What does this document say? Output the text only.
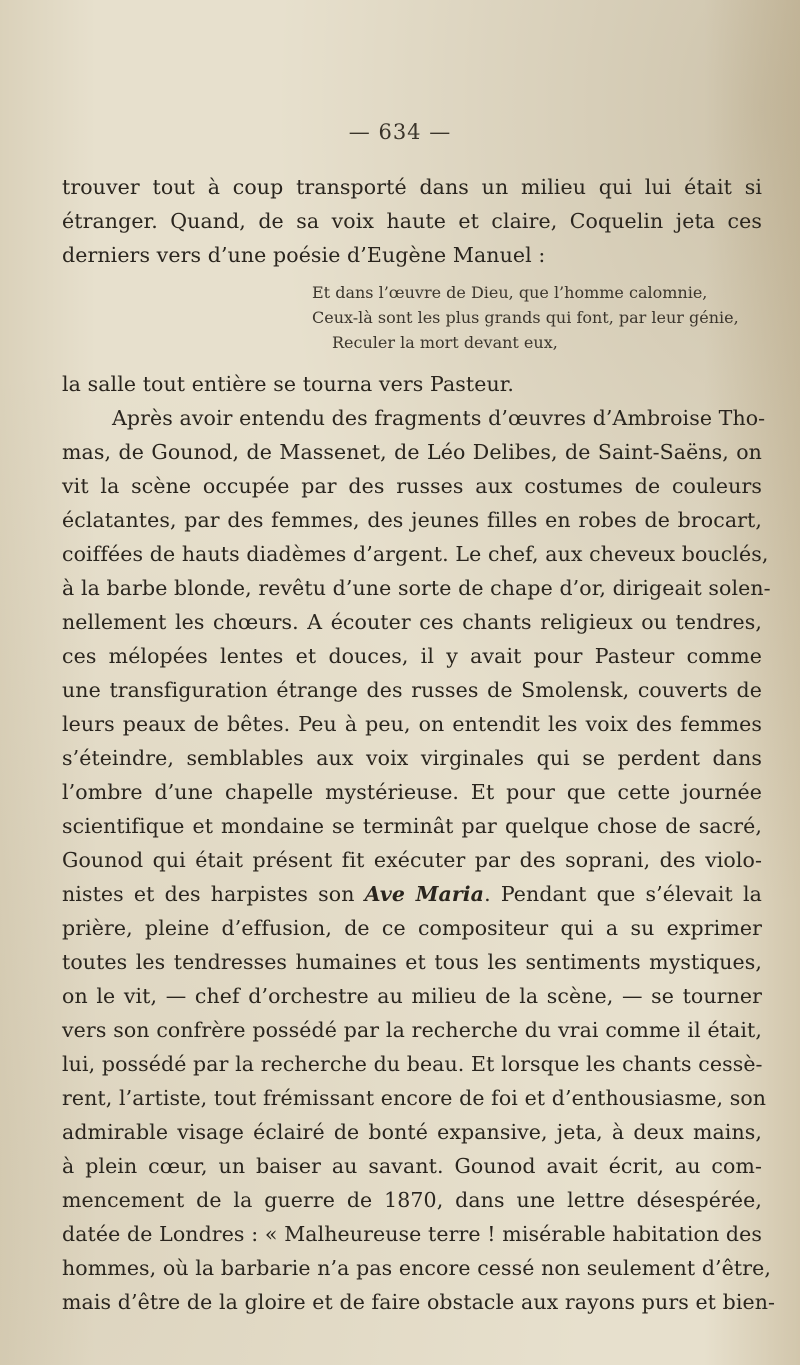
— 634 —
trouver tout à coup transporté dans un milieu qui lui était si
étranger. Quand, de sa voix haute et claire, Coquelin jeta ces
derniers vers d’une poésie d’Eugène Manuel :
Et dans l’œuvre de Dieu, que l’homme calomnie,
Ceux-là sont les plus grands qui font, par leur génie,
Reculer la mort devant eux,
la salle tout entière se tourna vers Pasteur.
Après avoir entendu des fragments d’œuvres d’Ambroise Tho-
mas, de Gounod, de Massenet, de Léo Delibes, de Saint-Saëns, on
vit la scène occupée par des russes aux costumes de couleurs
éclatantes, par des femmes, des jeunes filles en robes de brocart,
coiffées de hauts diadèmes d’argent. Le chef, aux cheveux bouclés,
à la barbe blonde, revêtu d’une sorte de chape d’or, dirigeait solen-
nellement les chœurs. A écouter ces chants religieux ou tendres,
ces mélopées lentes et douces, il y avait pour Pasteur comme
une transfiguration étrange des russes de Smolensk, couverts de
leurs peaux de bêtes. Peu à peu, on entendit les voix des femmes
s’éteindre, semblables aux voix virginales qui se perdent dans
l’ombre d’une chapelle mystérieuse. Et pour que cette journée
scientifique et mondaine se terminât par quelque chose de sacré,
Gounod qui était présent fit exécuter par des soprani, des violo-
nistes et des harpistes son Ave Maria. Pendant que s’élevait la
prière, pleine d’effusion, de ce compositeur qui a su exprimer
toutes les tendresses humaines et tous les sentiments mystiques,
on le vit, — chef d’orchestre au milieu de la scène, — se tourner
vers son confrère possédé par la recherche du vrai comme il était,
lui, possédé par la recherche du beau. Et lorsque les chants cessè-
rent, l’artiste, tout frémissant encore de foi et d’enthousiasme, son
admirable visage éclairé de bonté expansive, jeta, à deux mains,
à plein cœur, un baiser au savant. Gounod avait écrit, au com-
mencement de la guerre de 1870, dans une lettre désespérée,
datée de Londres : « Malheureuse terre ! misérable habitation des
hommes, où la barbarie n’a pas encore cessé non seulement d’être,
mais d’être de la gloire et de faire obstacle aux rayons purs et bien-
